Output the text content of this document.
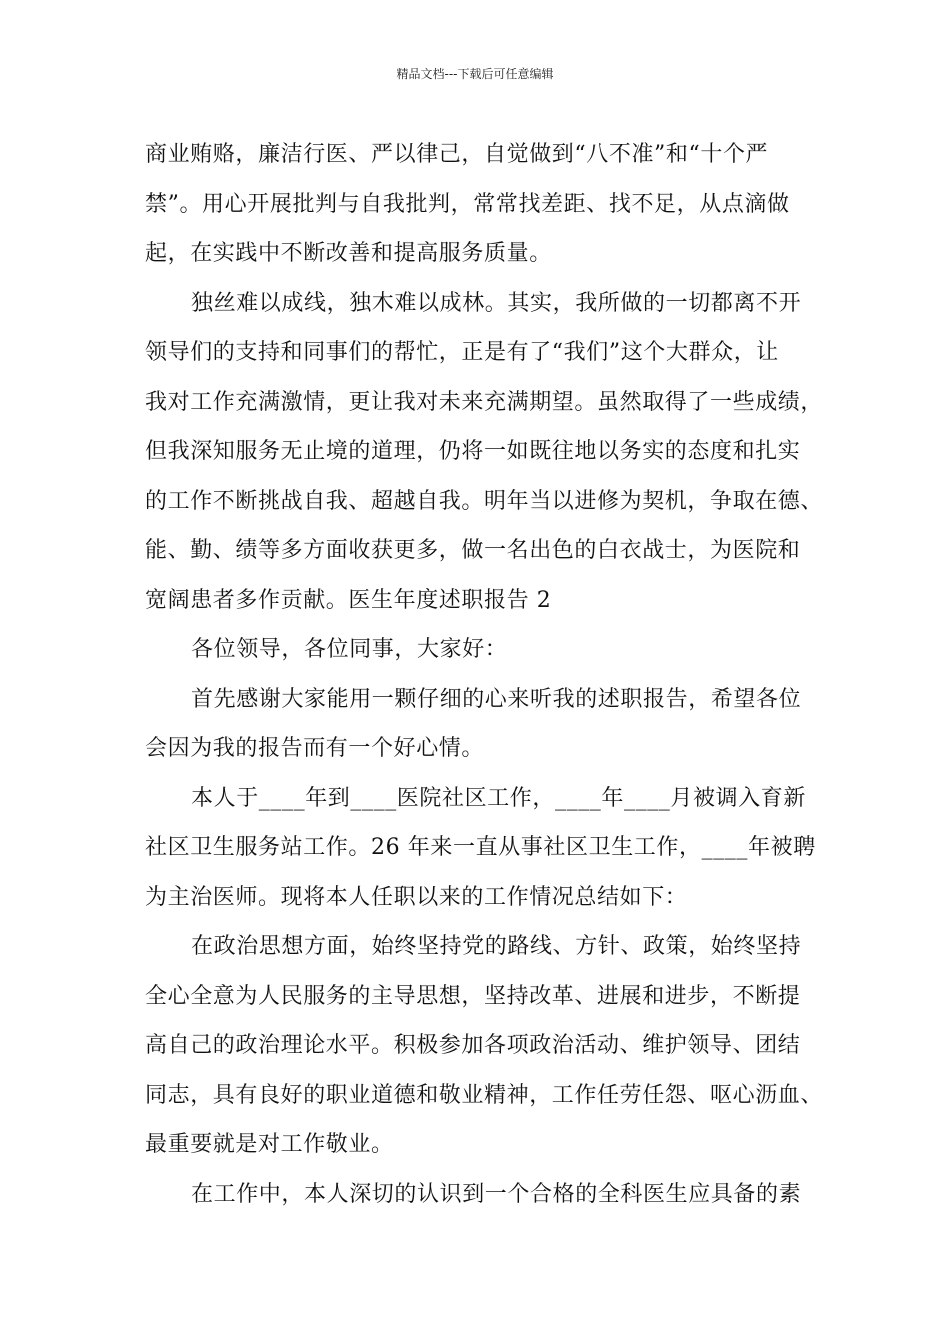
精品文档---下载后可任意编辑
商业贿赂，廉洁行医、严以律己，自觉做到“八不准”和“十个严
禁”。用心开展批判与自我批判，常常找差距、找不足，从点滴做
起，在实践中不断改善和提高服务质量。
独丝难以成线，独木难以成林。其实，我所做的一切都离不开
领导们的支持和同事们的帮忙，正是有了“我们”这个大群众，让
我对工作充满激情，更让我对未来充满期望。虽然取得了一些成绩，
但我深知服务无止境的道理，仍将一如既往地以务实的态度和扎实
的工作不断挑战自我、超越自我。明年当以进修为契机，争取在德、
能、勤、绩等多方面收获更多，做一名出色的白衣战士，为医院和
宽阔患者多作贡献。医生年度述职报告 2
各位领导，各位同事，大家好：
首先感谢大家能用一颗仔细的心来听我的述职报告，希望各位
会因为我的报告而有一个好心情。
本人于____年到____医院社区工作，____年____月被调入育新
社区卫生服务站工作。26 年来一直从事社区卫生工作，____年被聘
为主治医师。现将本人任职以来的工作情况总结如下：
在政治思想方面，始终坚持党的路线、方针、政策，始终坚持
全心全意为人民服务的主导思想，坚持改革、进展和进步，不断提
高自己的政治理论水平。积极参加各项政治活动、维护领导、团结
同志，具有良好的职业道德和敬业精神，工作任劳任怨、呕心沥血、
最重要就是对工作敬业。
在工作中，本人深切的认识到一个合格的全科医生应具备的素
